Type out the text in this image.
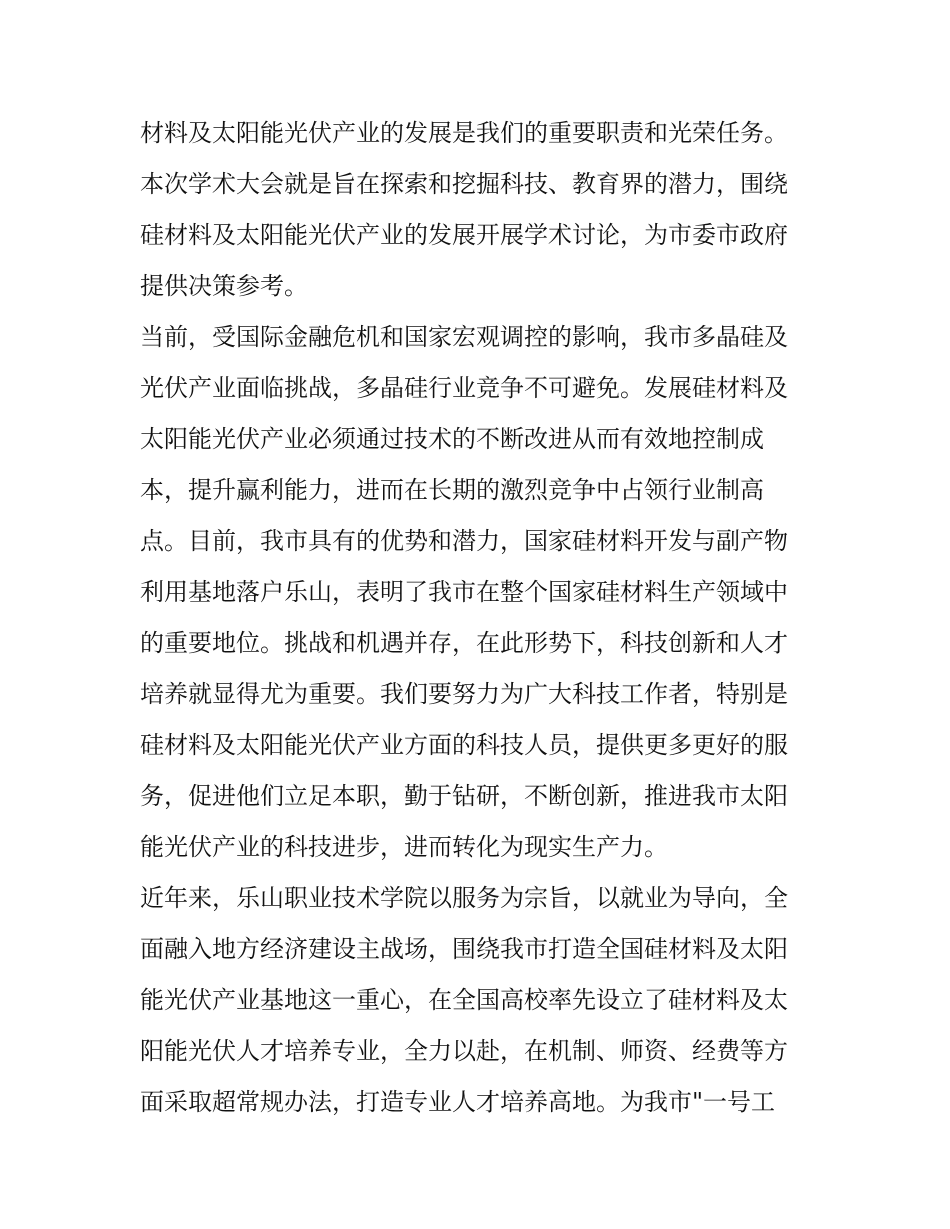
材料及太阳能光伏产业的发展是我们的重要职责和光荣任务。
本次学术大会就是旨在探索和挖掘科技、教育界的潜力，围绕
硅材料及太阳能光伏产业的发展开展学术讨论，为市委市政府
提供决策参考。
当前，受国际金融危机和国家宏观调控的影响，我市多晶硅及
光伏产业面临挑战，多晶硅行业竞争不可避免。发展硅材料及
太阳能光伏产业必须通过技术的不断改进从而有效地控制成
本，提升赢利能力，进而在长期的激烈竞争中占领行业制高
点。目前，我市具有的优势和潜力，国家硅材料开发与副产物
利用基地落户乐山，表明了我市在整个国家硅材料生产领域中
的重要地位。挑战和机遇并存，在此形势下，科技创新和人才
培养就显得尤为重要。我们要努力为广大科技工作者，特别是
硅材料及太阳能光伏产业方面的科技人员，提供更多更好的服
务，促进他们立足本职，勤于钻研，不断创新，推进我市太阳
能光伏产业的科技进步，进而转化为现实生产力。
近年来，乐山职业技术学院以服务为宗旨，以就业为导向，全
面融入地方经济建设主战场，围绕我市打造全国硅材料及太阳
能光伏产业基地这一重心，在全国高校率先设立了硅材料及太
阳能光伏人才培养专业，全力以赴，在机制、师资、经费等方
面采取超常规办法，打造专业人才培养高地。为我市"一号工
